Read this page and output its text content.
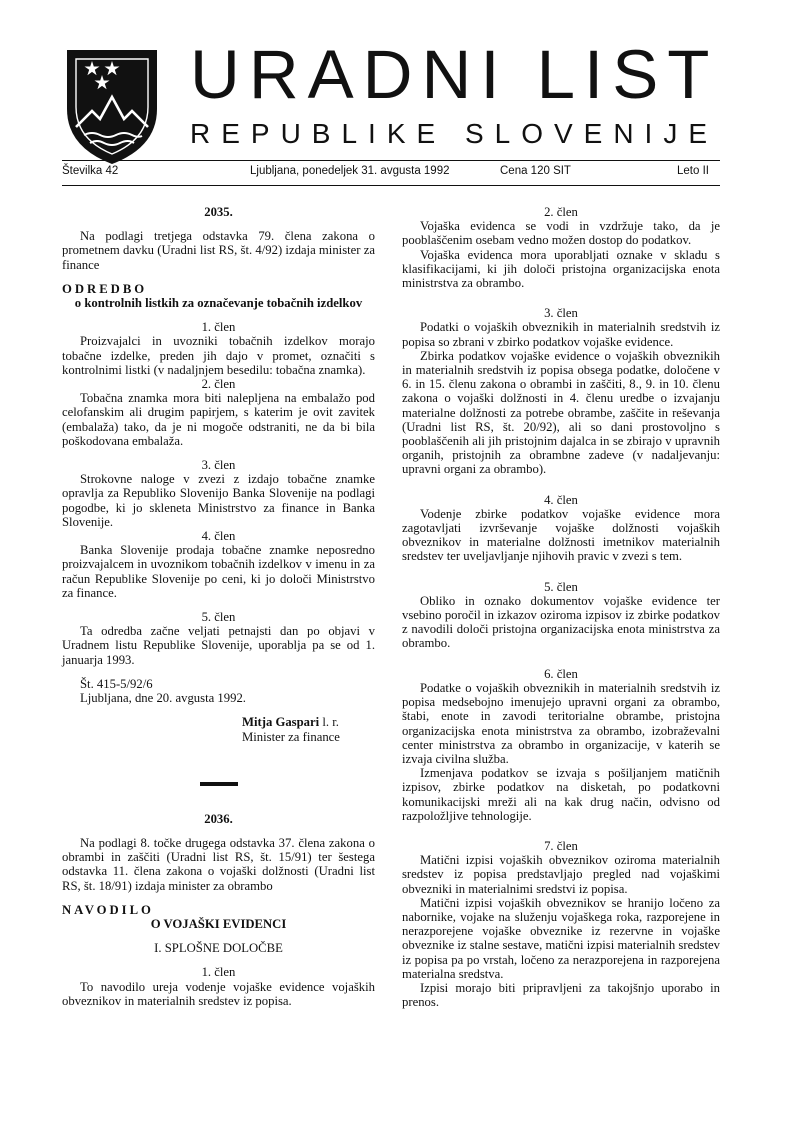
URADNI LIST
REPUBLIKE SLOVENIJE
Številka 42	Ljubljana, ponedeljek 31. avgusta 1992	Cena 120 SIT	Leto II

2035.

Na podlagi tretjega odstavka 79. člena zakona o prometnem davku (Uradni list RS, št. 4/92) izdaja minister za finance

ODREDBO

o kontrolnih listkih za označevanje tobačnih izdelkov

1. člen

Proizvajalci in uvozniki tobačnih izdelkov morajo tobačne izdelke, preden jih dajo v promet, označiti s kontrolnimi listki (v nadaljnjem besedilu: tobačna znamka).

2. člen

Tobačna znamka mora biti nalepljena na embalažo pod celofanskim ali drugim papirjem, s katerim je ovit zavitek (embalaža) tako, da je ni mogoče odstraniti, ne da bi bila poškodovana embalaža.

3. člen

Strokovne naloge v zvezi z izdajo tobačne znamke opravlja za Republiko Slovenijo Banka Slovenije na podlagi pogodbe, ki jo skleneta Ministrstvo za finance in Banka Slovenije.

4. člen

Banka Slovenije prodaja tobačne znamke neposredno proizvajalcem in uvoznikom tobačnih izdelkov v imenu in za račun Republike Slovenije po ceni, ki jo določi Ministrstvo za finance.

5. člen

Ta odredba začne veljati petnajsti dan po objavi v Uradnem listu Republike Slovenije, uporablja pa se od 1. januarja 1993.

Št. 415-5/92/6

Ljubljana, dne 20. avgusta 1992.

Mitja Gaspari l. r.

Minister za finance

2036.

Na podlagi 8. točke drugega odstavka 37. člena zakona o obrambi in zaščiti (Uradni list RS, št. 15/91) ter šestega odstavka 11. člena zakona o vojaški dolžnosti (Uradni list RS, št. 18/91) izdaja minister za obrambo

NAVODILO

O VOJAŠKI EVIDENCI

I. SPLOŠNE DOLOČBE

1. člen

To navodilo ureja vodenje vojaške evidence vojaških obveznikov in materialnih sredstev iz popisa.

2. člen

Vojaška evidenca se vodi in vzdržuje tako, da je pooblaščenim osebam vedno možen dostop do podatkov.

Vojaška evidenca mora uporabljati oznake v skladu s klasifikacijami, ki jih določi pristojna organizacijska enota ministrstva za obrambo.

3. člen

Podatki o vojaških obveznikih in materialnih sredstvih iz popisa so zbrani v zbirko podatkov vojaške evidence.

Zbirka podatkov vojaške evidence o vojaških obveznikih in materialnih sredstvih iz popisa obsega podatke, določene v 6. in 15. členu zakona o obrambi in zaščiti, 8., 9. in 10. členu zakona o vojaški dolžnosti in 4. členu uredbe o izvajanju materialne dolžnosti za potrebe obrambe, zaščite in reševanja (Uradni list RS, št. 20/92), ali so dani prostovoljno s pooblaščenih ali jih pristojnim dajalca in se zbirajo v upravnih organih, pristojnih za obrambne zadeve (v nadaljevanju: upravni organi za obrambo).

4. člen

Vodenje zbirke podatkov vojaške evidence mora zagotavljati izvrševanje vojaške dolžnosti vojaških obveznikov in materialne dolžnosti imetnikov materialnih sredstev ter uveljavljanje njihovih pravic v zvezi s tem.

5. člen

Obliko in oznako dokumentov vojaške evidence ter vsebino poročil in izkazov oziroma izpisov iz zbirke podatkov z navodili določi pristojna organizacijska enota ministrstva za obrambo.

6. člen

Podatke o vojaških obveznikih in materialnih sredstvih iz popisa medsebojno imenujejo upravni organi za obrambo, štabi, enote in zavodi teritorialne obrambe, pristojna organizacijska enota ministrstva za obrambo, izobraževalni center ministrstva za obrambo in organizacije, v katerih se izvaja civilna služba.

Izmenjava podatkov se izvaja s pošiljanjem matičnih izpisov, zbirke podatkov na disketah, po podatkovni komunikacijski mreži ali na kak drug način, odvisno od razpoložljive tehnologije.

7. člen

Matični izpisi vojaških obveznikov oziroma materialnih sredstev iz popisa predstavljajo pregled nad vojaškimi obvezniki in materialnimi sredstvi iz popisa.

Matični izpisi vojaških obveznikov se hranijo ločeno za nabornike, vojake na služenju vojaškega roka, razporejene in nerazporejene vojaške obveznike iz rezervne in vojaške obveznike iz stalne sestave, matični izpisi materialnih sredstev iz popisa pa po vrstah, ločeno za nerazporejena in razporejena materialna sredstva.

Izpisi morajo biti pripravljeni za takojšnjo uporabo in prenos.
